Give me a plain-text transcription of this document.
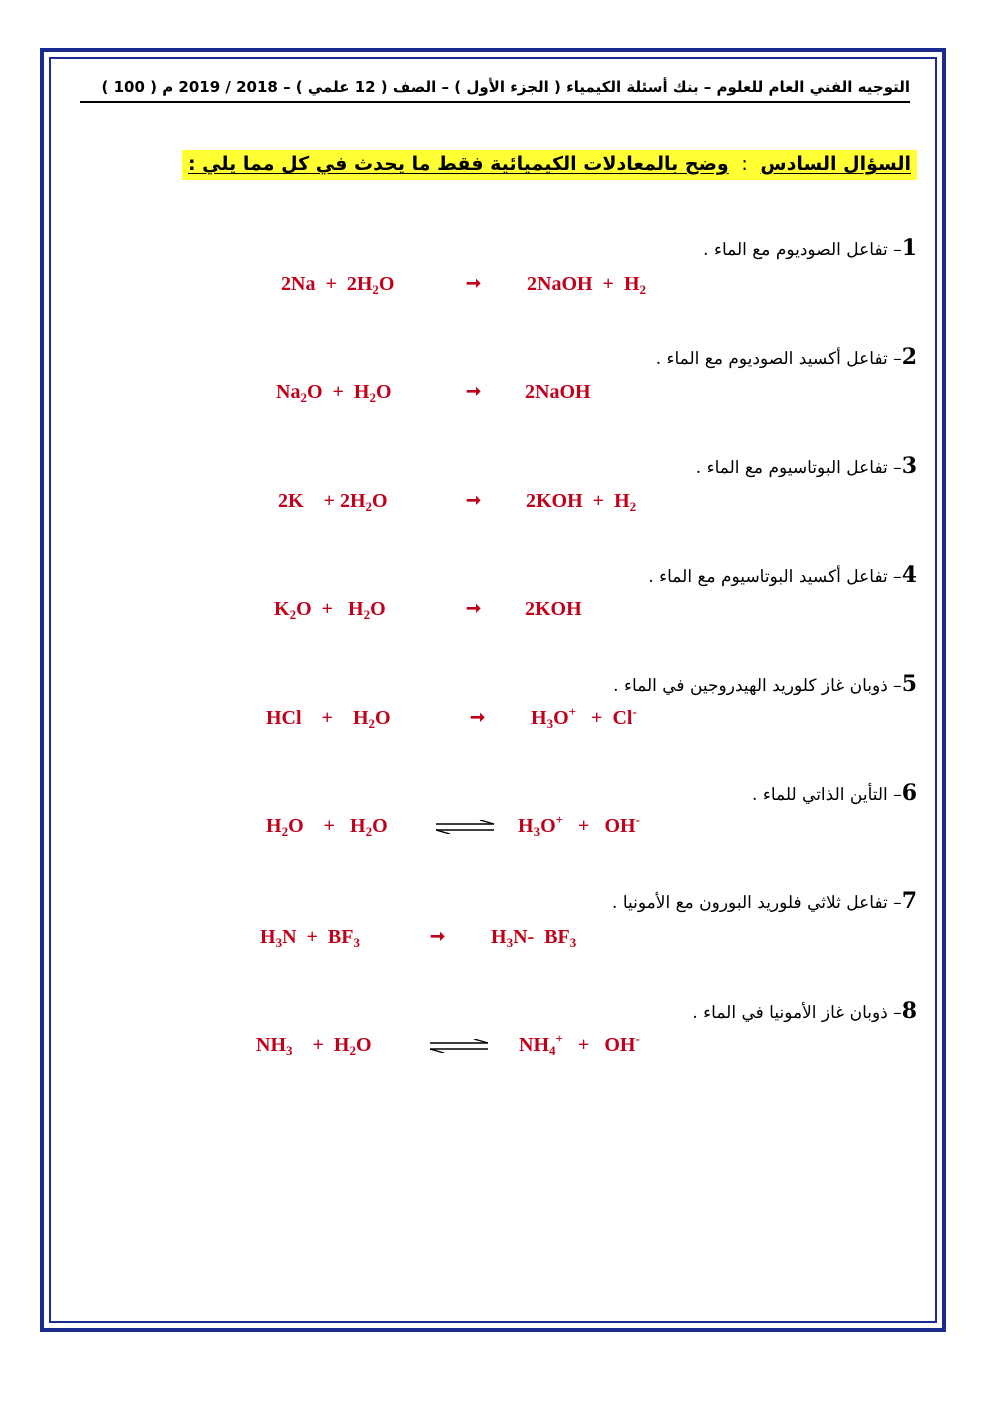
التوجيه الفني العام للعلوم – بنك أسئلة الكيمياء ( الجزء الأول ) – الصف ( 12 علمي ) – 2018 / 2019 م ( 100 )
السؤال السادس : وضح بالمعادلات الكيميائية فقط ما يحدث في كل مما يلي :
1– تفاعل الصوديوم مع الماء .
$2Na + 2H_2O$	➞ 2NaOH  +  $H_2$
2– تفاعل أكسيد الصوديوم مع الماء .
$Na_2O + H_2O$	➞ 2NaOH
3– تفاعل البوتاسيوم مع الماء .
2K    + $2H_2O$	➞ $2KOH + H_2$
4– تفاعل أكسيد البوتاسيوم مع الماء .
$K_2O + H_2O$	➞ 2KOH
5– ذوبان غاز كلوريد الهيدروجين في الماء .
HCl    +    $H_2O$	➞ $H_3O^+ + Cl^-$
6– التأين الذاتي للماء .
$H_2O$    +   $H_2O$	$H_3O^+ + OH^-$
7– تفاعل ثلاثي فلوريد البورون مع الأمونيا .
$H_3N + BF_3$	➞ $H_3N-$  $BF_3$
8– ذوبان غاز الأمونيا في الماء .
$NH_3$    +  $H_2O$	$NH_4^+ + OH^-$
